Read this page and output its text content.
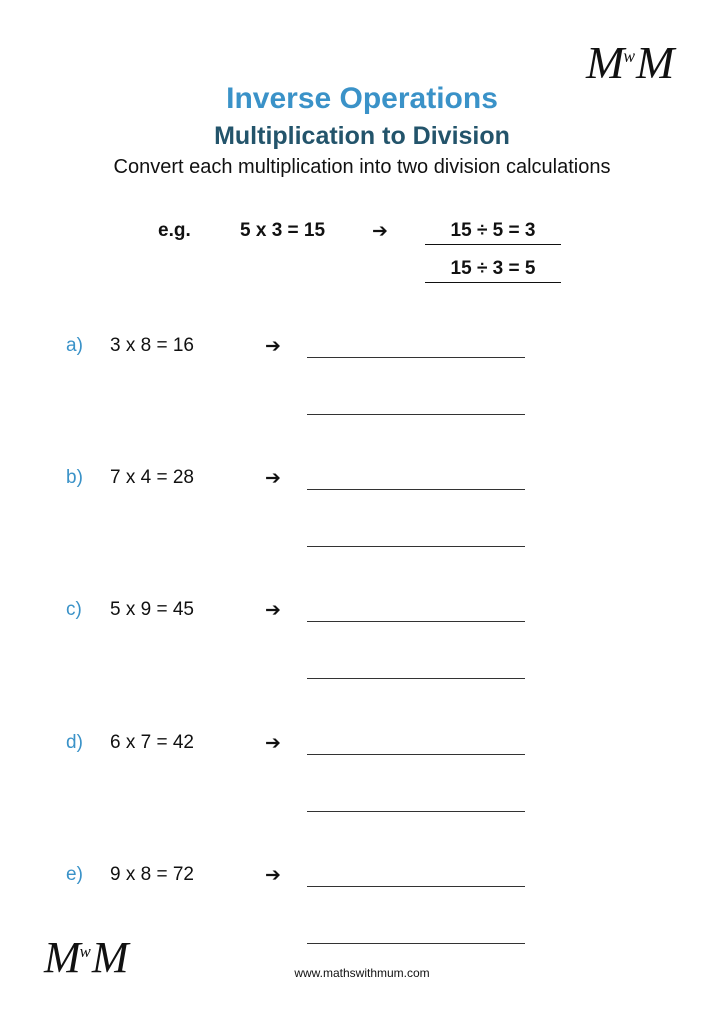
$M^wM$
Inverse Operations
Multiplication to Division
Convert each multiplication into two division calculations
e.g.	5 x 3 = 15 ➔	15 ÷ 5 = 3
15 ÷ 3 = 5
a) 3 x 8 = 16	➔
b) 7 x 4 = 28	➔
c) 5 x 9 = 45	➔
d) 6 x 7 = 42	➔
e) 9 x 8 = 72	➔
$M^wM$	www.mathswithmum.com
